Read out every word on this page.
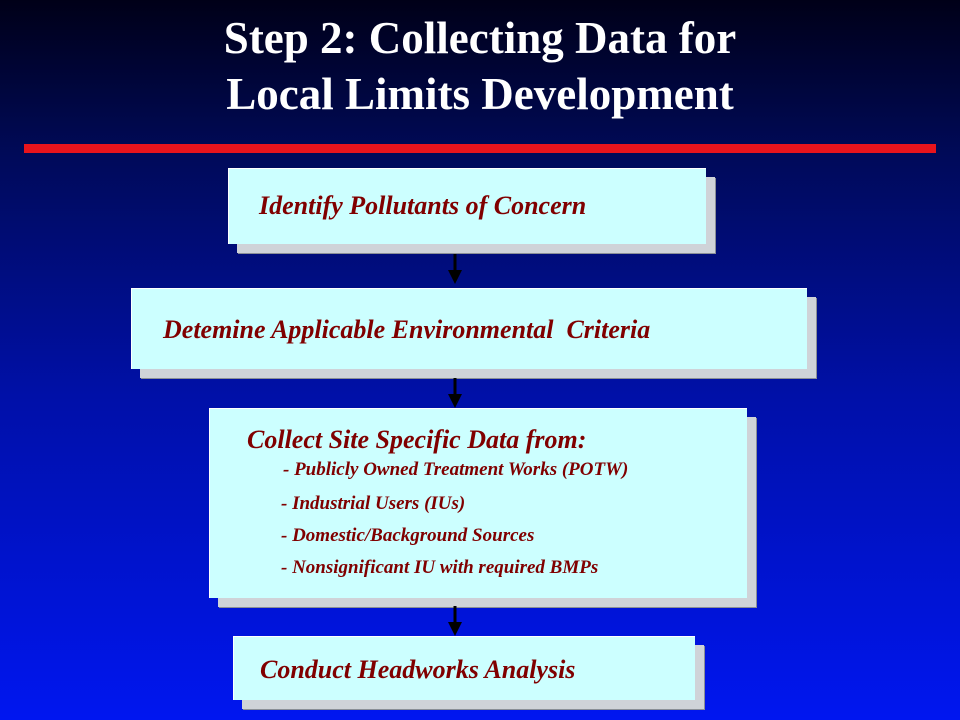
Step 2: Collecting Data for
Local Limits Development
Identify Pollutants of Concern
Detemine Applicable Environmental  Criteria
Collect Site Specific Data from:
- Publicly Owned Treatment Works (POTW)
- Industrial Users (IUs)
- Domestic/Background Sources
- Nonsignificant IU with required BMPs
Conduct Headworks Analysis
